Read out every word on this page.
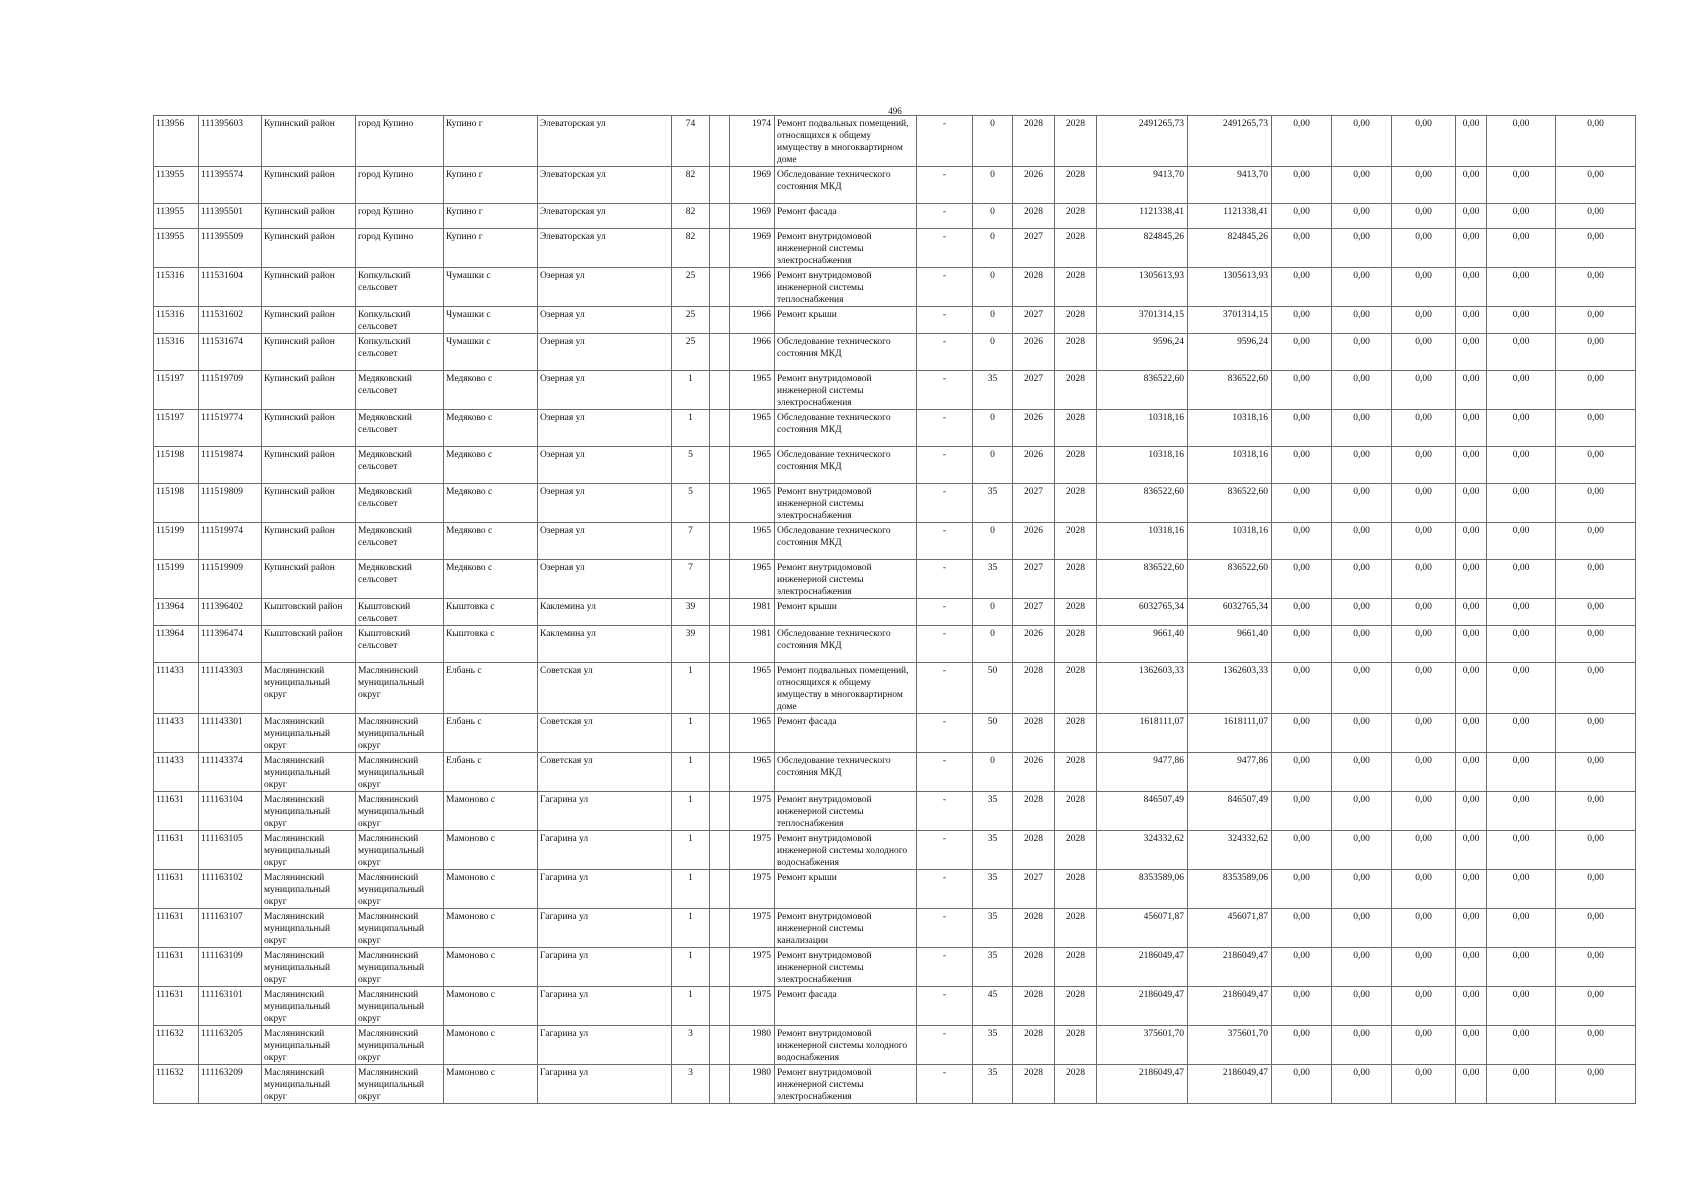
496
113956	111395603	Купинский район	город Купино	Купино г	Элеваторская ул	74		1974	Ремонт подвальных помещений, относящихся к общему имуществу в многоквартирном доме	-	0	2028	2028	2491265,73	2491265,73	0,00	0,00	0,00	0,00	0,00	0,00
113955	111395574	Купинский район	город Купино	Купино г	Элеваторская ул	82		1969	Обследование технического состояния МКД	-	0	2026	2028	9413,70	9413,70	0,00	0,00	0,00	0,00	0,00	0,00
113955	111395501	Купинский район	город Купино	Купино г	Элеваторская ул	82		1969	Ремонт фасада	-	0	2028	2028	1121338,41	1121338,41	0,00	0,00	0,00	0,00	0,00	0,00
113955	111395509	Купинский район	город Купино	Купино г	Элеваторская ул	82		1969	Ремонт внутридомовой инженерной системы электроснабжения	-	0	2027	2028	824845,26	824845,26	0,00	0,00	0,00	0,00	0,00	0,00
115316	111531604	Купинский район	Копкульский сельсовет	Чумашки с	Озерная ул	25		1966	Ремонт внутридомовой инженерной системы теплоснабжения	-	0	2028	2028	1305613,93	1305613,93	0,00	0,00	0,00	0,00	0,00	0,00
115316	111531602	Купинский район	Копкульский сельсовет	Чумашки с	Озерная ул	25		1966	Ремонт крыши	-	0	2027	2028	3701314,15	3701314,15	0,00	0,00	0,00	0,00	0,00	0,00
115316	111531674	Купинский район	Копкульский сельсовет	Чумашки с	Озерная ул	25		1966	Обследование технического состояния МКД	-	0	2026	2028	9596,24	9596,24	0,00	0,00	0,00	0,00	0,00	0,00
115197	111519709	Купинский район	Медяковский сельсовет	Медяково с	Озерная ул	1		1965	Ремонт внутридомовой инженерной системы электроснабжения	-	35	2027	2028	836522,60	836522,60	0,00	0,00	0,00	0,00	0,00	0,00
115197	111519774	Купинский район	Медяковский сельсовет	Медяково с	Озерная ул	1		1965	Обследование технического состояния МКД	-	0	2026	2028	10318,16	10318,16	0,00	0,00	0,00	0,00	0,00	0,00
115198	111519874	Купинский район	Медяковский сельсовет	Медяково с	Озерная ул	5		1965	Обследование технического состояния МКД	-	0	2026	2028	10318,16	10318,16	0,00	0,00	0,00	0,00	0,00	0,00
115198	111519809	Купинский район	Медяковский сельсовет	Медяково с	Озерная ул	5		1965	Ремонт внутридомовой инженерной системы электроснабжения	-	35	2027	2028	836522,60	836522,60	0,00	0,00	0,00	0,00	0,00	0,00
115199	111519974	Купинский район	Медяковский сельсовет	Медяково с	Озерная ул	7		1965	Обследование технического состояния МКД	-	0	2026	2028	10318,16	10318,16	0,00	0,00	0,00	0,00	0,00	0,00
115199	111519909	Купинский район	Медяковский сельсовет	Медяково с	Озерная ул	7		1965	Ремонт внутридомовой инженерной системы электроснабжения	-	35	2027	2028	836522,60	836522,60	0,00	0,00	0,00	0,00	0,00	0,00
113964	111396402	Кыштовский район	Кыштовский сельсовет	Кыштовка с	Каклемина ул	39		1981	Ремонт крыши	-	0	2027	2028	6032765,34	6032765,34	0,00	0,00	0,00	0,00	0,00	0,00
113964	111396474	Кыштовский район	Кыштовский сельсовет	Кыштовка с	Каклемина ул	39		1981	Обследование технического состояния МКД	-	0	2026	2028	9661,40	9661,40	0,00	0,00	0,00	0,00	0,00	0,00
111433	111143303	Маслянинский муниципальный округ	Маслянинский муниципальный округ	Елбань с	Советская ул	1		1965	Ремонт подвальных помещений, относящихся к общему имуществу в многоквартирном доме	-	50	2028	2028	1362603,33	1362603,33	0,00	0,00	0,00	0,00	0,00	0,00
111433	111143301	Маслянинский муниципальный округ	Маслянинский муниципальный округ	Елбань с	Советская ул	1		1965	Ремонт фасада	-	50	2028	2028	1618111,07	1618111,07	0,00	0,00	0,00	0,00	0,00	0,00
111433	111143374	Маслянинский муниципальный округ	Маслянинский муниципальный округ	Елбань с	Советская ул	1		1965	Обследование технического состояния МКД	-	0	2026	2028	9477,86	9477,86	0,00	0,00	0,00	0,00	0,00	0,00
111631	111163104	Маслянинский муниципальный округ	Маслянинский муниципальный округ	Мамоново с	Гагарина ул	1		1975	Ремонт внутридомовой инженерной системы теплоснабжения	-	35	2028	2028	846507,49	846507,49	0,00	0,00	0,00	0,00	0,00	0,00
111631	111163105	Маслянинский муниципальный округ	Маслянинский муниципальный округ	Мамоново с	Гагарина ул	1		1975	Ремонт внутридомовой инженерной системы холодного водоснабжения	-	35	2028	2028	324332,62	324332,62	0,00	0,00	0,00	0,00	0,00	0,00
111631	111163102	Маслянинский муниципальный округ	Маслянинский муниципальный округ	Мамоново с	Гагарина ул	1		1975	Ремонт крыши	-	35	2027	2028	8353589,06	8353589,06	0,00	0,00	0,00	0,00	0,00	0,00
111631	111163107	Маслянинский муниципальный округ	Маслянинский муниципальный округ	Мамоново с	Гагарина ул	1		1975	Ремонт внутридомовой инженерной системы канализации	-	35	2028	2028	456071,87	456071,87	0,00	0,00	0,00	0,00	0,00	0,00
111631	111163109	Маслянинский муниципальный округ	Маслянинский муниципальный округ	Мамоново с	Гагарина ул	1		1975	Ремонт внутридомовой инженерной системы электроснабжения	-	35	2028	2028	2186049,47	2186049,47	0,00	0,00	0,00	0,00	0,00	0,00
111631	111163101	Маслянинский муниципальный округ	Маслянинский муниципальный округ	Мамоново с	Гагарина ул	1		1975	Ремонт фасада	-	45	2028	2028	2186049,47	2186049,47	0,00	0,00	0,00	0,00	0,00	0,00
111632	111163205	Маслянинский муниципальный округ	Маслянинский муниципальный округ	Мамоново с	Гагарина ул	3		1980	Ремонт внутридомовой инженерной системы холодного водоснабжения	-	35	2028	2028	375601,70	375601,70	0,00	0,00	0,00	0,00	0,00	0,00
111632	111163209	Маслянинский муниципальный округ	Маслянинский муниципальный округ	Мамоново с	Гагарина ул	3		1980	Ремонт внутридомовой инженерной системы электроснабжения	-	35	2028	2028	2186049,47	2186049,47	0,00	0,00	0,00	0,00	0,00	0,00
